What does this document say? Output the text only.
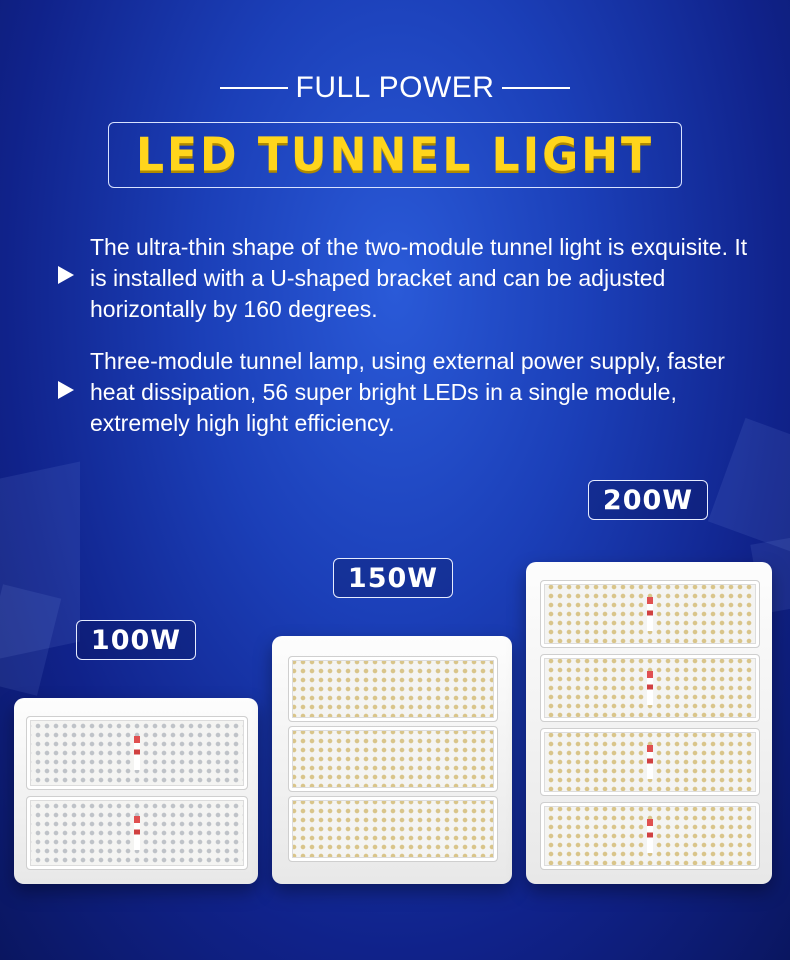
FULL POWER
LED TUNNEL LIGHT
The ultra-thin shape of the two-module tunnel light is exquisite. It is installed with a U-shaped bracket and can be adjusted horizontally by 160 degrees.
Three-module tunnel lamp, using external power supply, faster heat dissipation, 56 super bright LEDs in a single module, extremely high light efficiency.
100W
150W
200W
